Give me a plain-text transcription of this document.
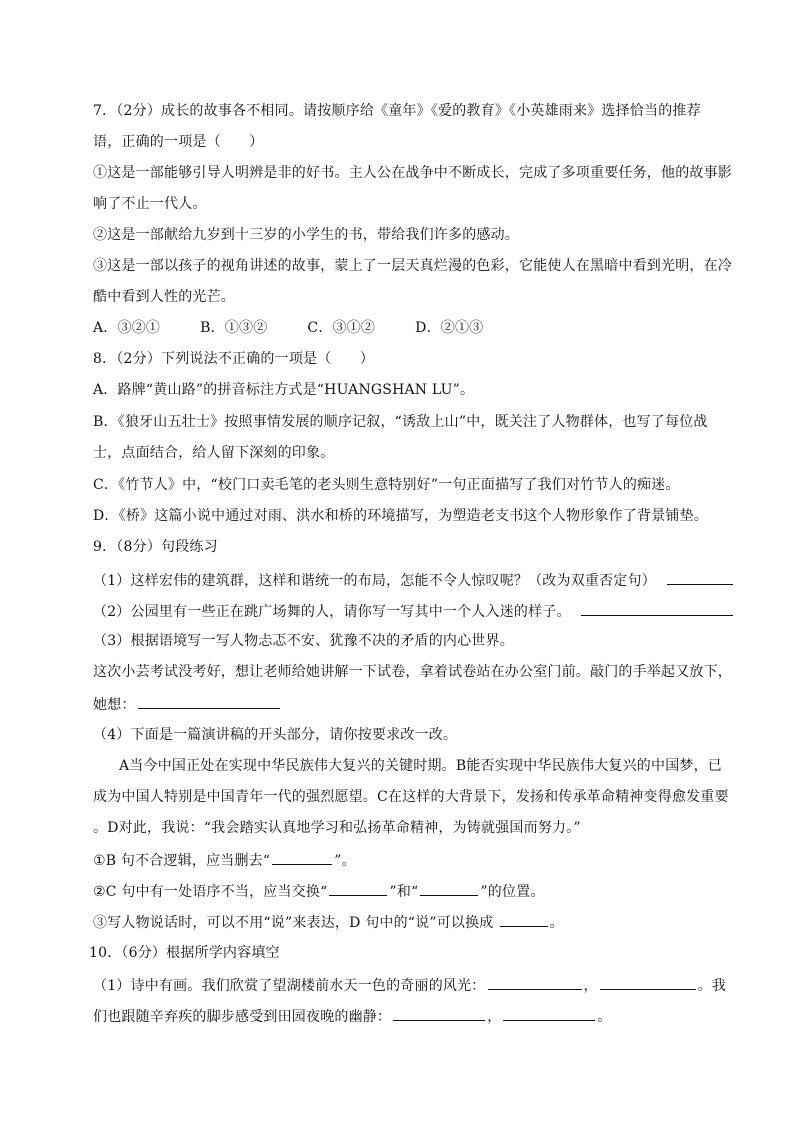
7．（2分）成长的故事各不相同。请按顺序给《童年》《爱的教育》《小英雄雨来》选择恰当的推荐
语，正确的一项是（　　）
①这是一部能够引导人明辨是非的好书。主人公在战争中不断成长，完成了多项重要任务，他的故事影
响了不止一代人。
②这是一部献给九岁到十三岁的小学生的书，带给我们许多的感动。
③这是一部以孩子的视角讲述的故事，蒙上了一层天真烂漫的色彩，它能使人在黑暗中看到光明，在冷
酷中看到人性的光芒。
A．③②①	B．①③②	C．③①②	D．②①③
8．（2分）下列说法不正确的一项是（　　）
A．路牌“黄山路”的拼音标注方式是“HUANGSHAN LU”。
B．《狼牙山五壮士》按照事情发展的顺序记叙，“诱敌上山”中，既关注了人物群体，也写了每位战
士，点面结合，给人留下深刻的印象。
C．《竹节人》中，“校门口卖毛笔的老头则生意特别好”一句正面描写了我们对竹节人的痴迷。
D．《桥》这篇小说中通过对雨、洪水和桥的环境描写，为塑造老支书这个人物形象作了背景铺垫。
9．（8分）句段练习
（1）这样宏伟的建筑群，这样和谐统一的布局，怎能不令人惊叹呢？（改为双重否定句）
（2）公园里有一些正在跳广场舞的人，请你写一写其中一个人入迷的样子。
（3）根据语境写一写人物忐忑不安、犹豫不决的矛盾的内心世界。
这次小芸考试没考好，想让老师给她讲解一下试卷，拿着试卷站在办公室门前。敲门的手举起又放下，
她想：
（4）下面是一篇演讲稿的开头部分，请你按要求改一改。
A当今中国正处在实现中华民族伟大复兴的关键时期。B能否实现中华民族伟大复兴的中国梦，已
成为中国人特别是中国青年一代的强烈愿望。C在这样的大背景下，发扬和传承革命精神变得愈发重要
。D对此，我说：“我会踏实认真地学习和弘扬革命精神，为铸就强国而努力。”
①B 句不合逻辑，应当删去“	”。
②C 句中有一处语序不当，应当交换“	”和“	”的位置。
③写人物说话时，可以不用“说”来表达，D 句中的“说”可以换成	。
10．（6分）根据所学内容填空
（1）诗中有画。我们欣赏了望湖楼前水天一色的奇丽的风光：	，	。我
们也跟随辛弃疾的脚步感受到田园夜晚的幽静：	，	。
